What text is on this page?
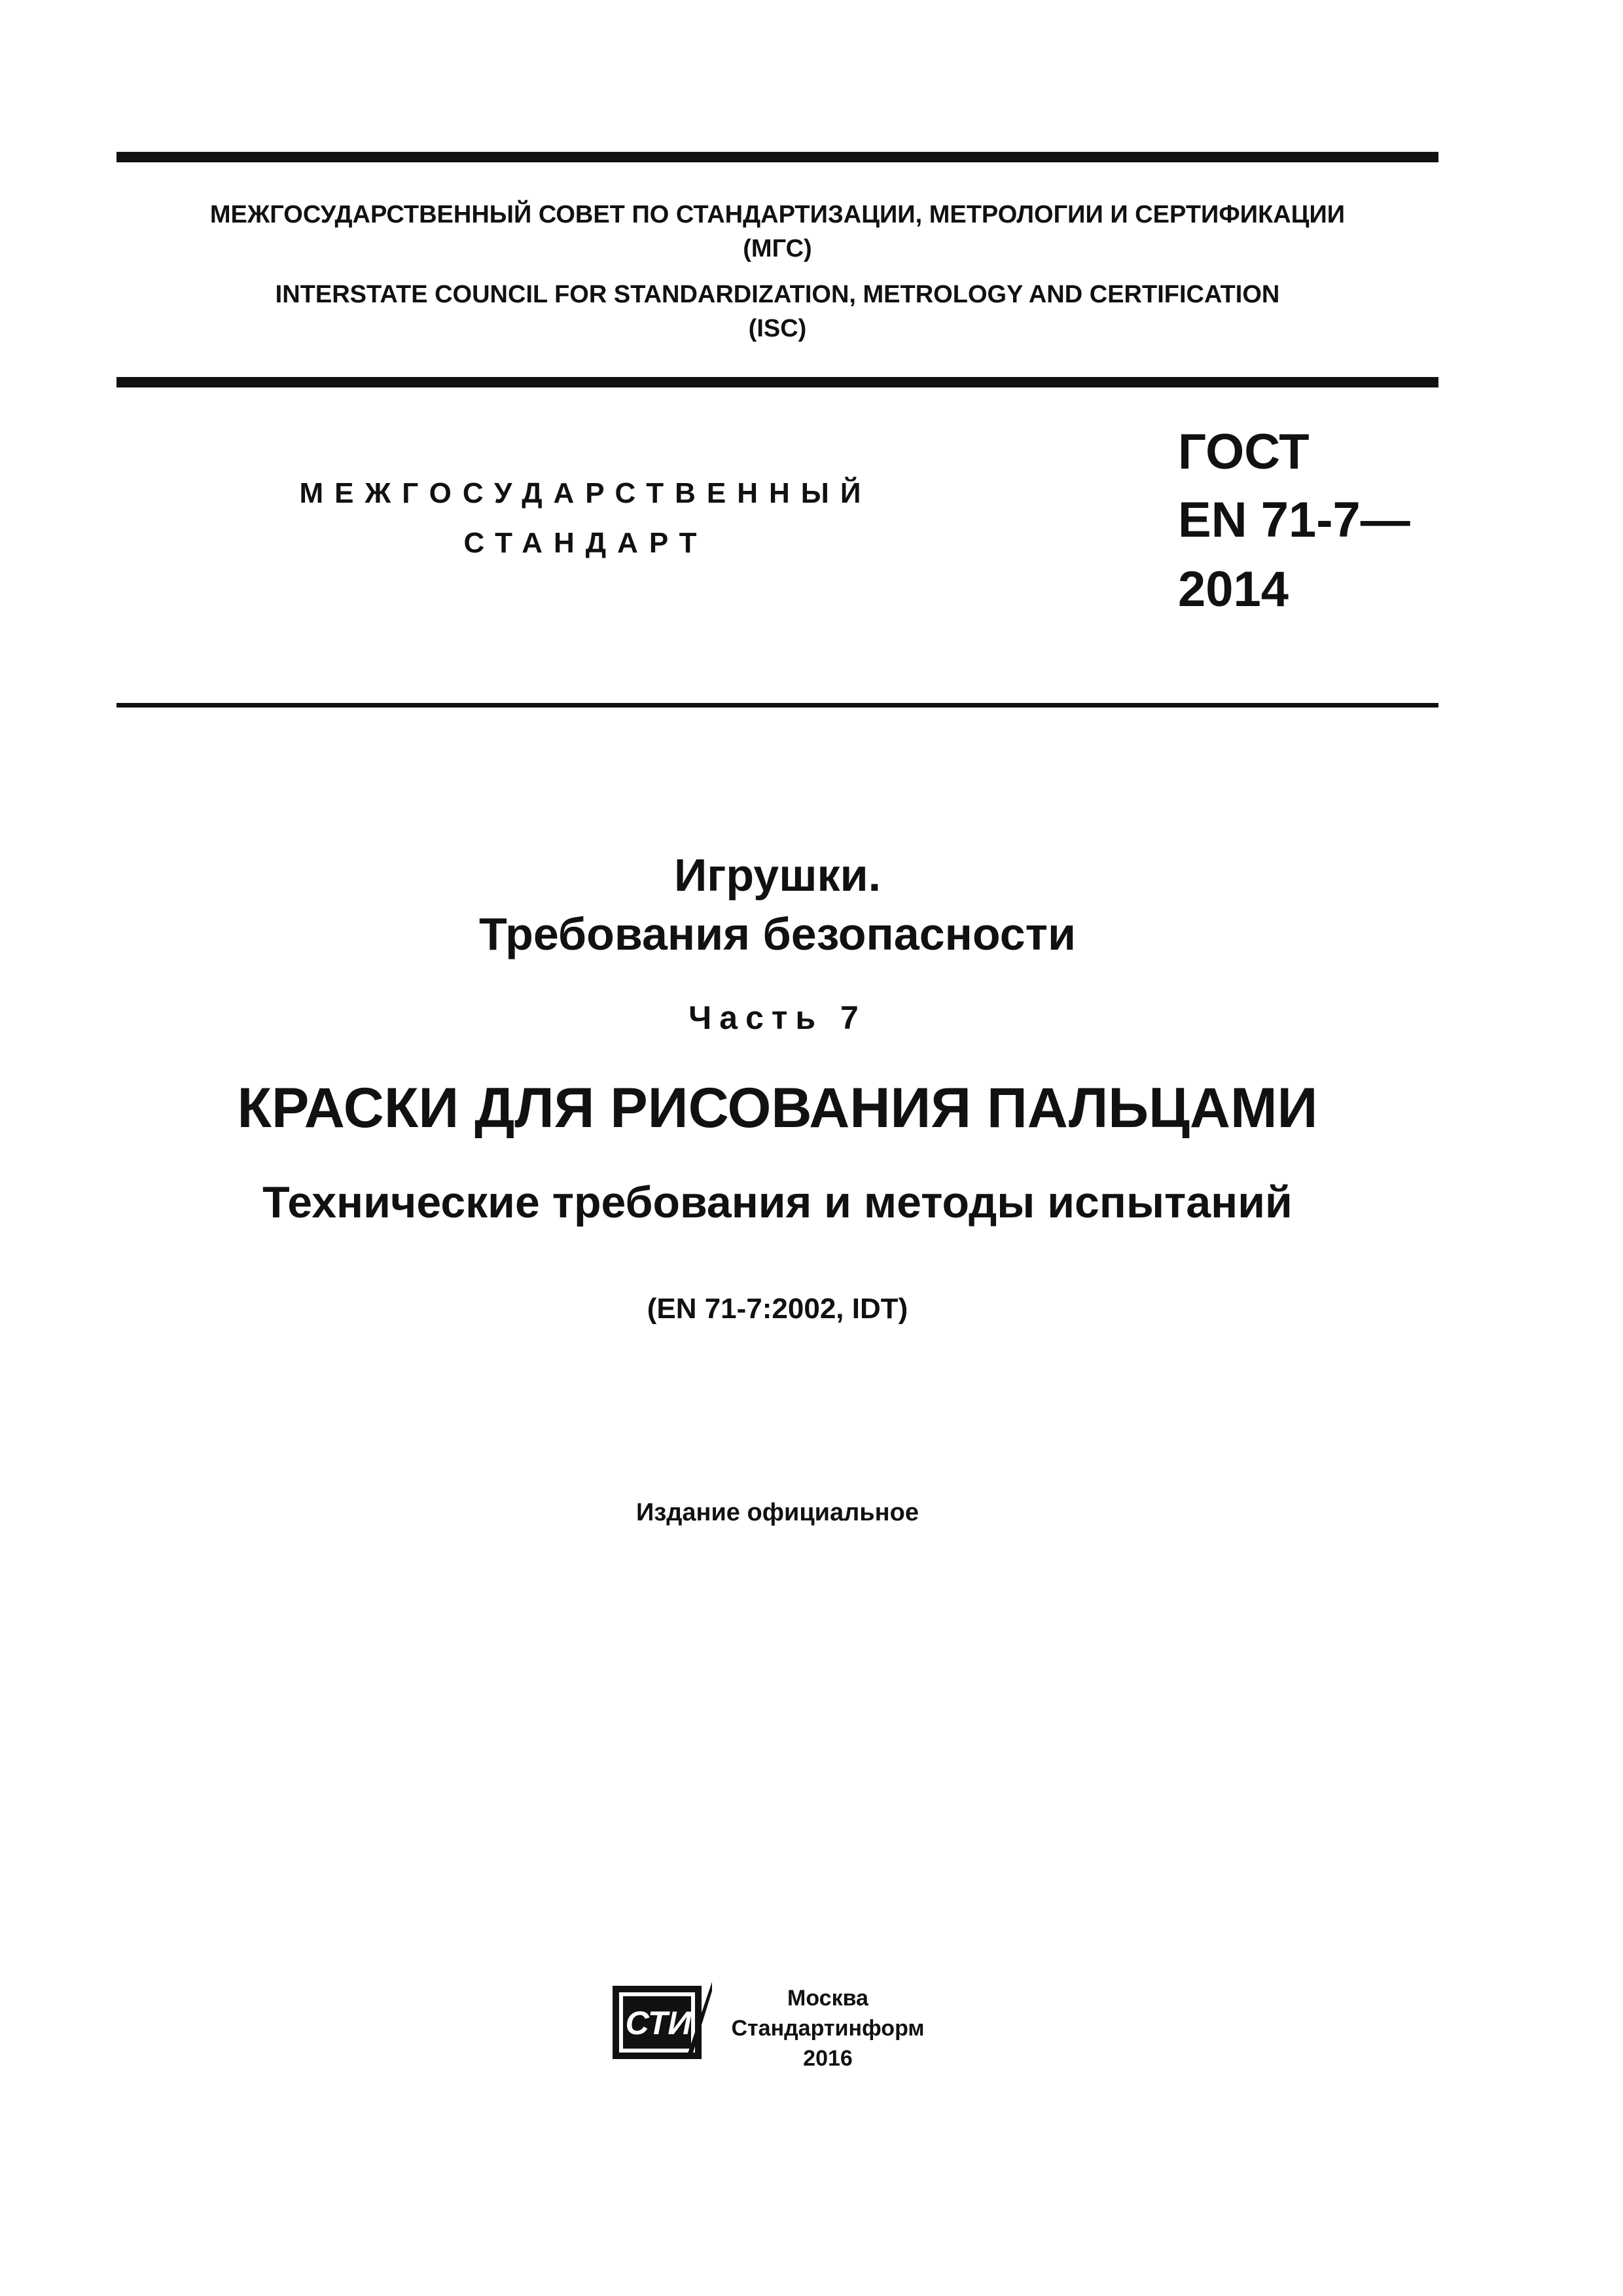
МЕЖГОСУДАРСТВЕННЫЙ СОВЕТ ПО СТАНДАРТИЗАЦИИ, МЕТРОЛОГИИ И СЕРТИФИКАЦИИ
(МГС)
INTERSTATE COUNCIL FOR STANDARDIZATION, METROLOGY AND CERTIFICATION
(ISC)
МЕЖГОСУДАРСТВЕННЫЙ
СТАНДАРТ
ГОСТ
EN 71-7—
2014
Игрушки.
Требования безопасности
Часть 7
КРАСКИ ДЛЯ РИСОВАНИЯ ПАЛЬЦАМИ
Технические требования и методы испытаний
(EN 71-7:2002, IDT)
Издание официальное
СТИ
Москва
Стандартинформ
2016
